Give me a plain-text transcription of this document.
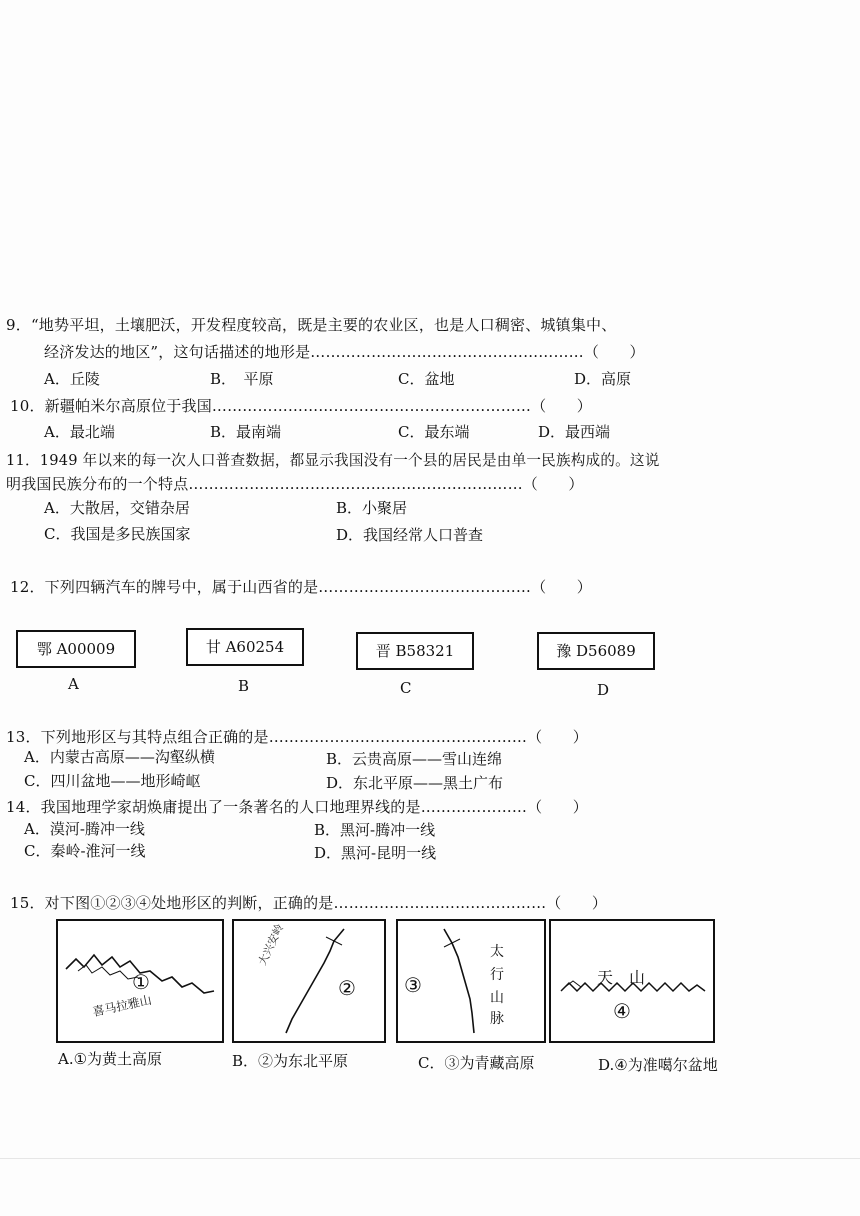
9．“地势平坦，土壤肥沃，开发程度较高，既是主要的农业区，也是人口稠密、城镇集中、
经济发达的地区”，这句话描述的地形是………………………………………………（　　）
A．丘陵	B．　平原	C．盆地	D．高原
10．新疆帕米尔高原位于我国………………………………………………………（　　）
A．最北端	B．最南端	C．最东端	D．最西端
11．1949 年以来的每一次人口普查数据，都显示我国没有一个县的居民是由单一民族构成的。这说
明我国民族分布的一个特点…………………………………………………………（　　）
A．大散居，交错杂居	B．小聚居
C．我国是多民族国家	D．我国经常人口普查
12．下列四辆汽车的牌号中，属于山西省的是……………………………………（　　）
鄂 A00009
A
甘 A60254
B
晋 B58321
C
豫 D56089
D
13．下列地形区与其特点组合正确的是……………………………………………（　　）
A．内蒙古高原——沟壑纵横	B．云贵高原——雪山连绵
C．四川盆地——地形崎岖	D．东北平原——黑土广布
14．我国地理学家胡焕庸提出了一条著名的人口地理界线的是…………………（　　）
A．漠河-腾冲一线	B．黑河-腾冲一线
C．秦岭-淮河一线	D．黑河-昆明一线
15．对下图①②③④处地形区的判断，正确的是……………………………………（　　）
①
喜马拉雅山
②
大兴安岭
③
太
行
山
脉
天　山
④
A.①为黄土高原	B．②为东北平原	C．③为青藏高原	D.④为准噶尔盆地
